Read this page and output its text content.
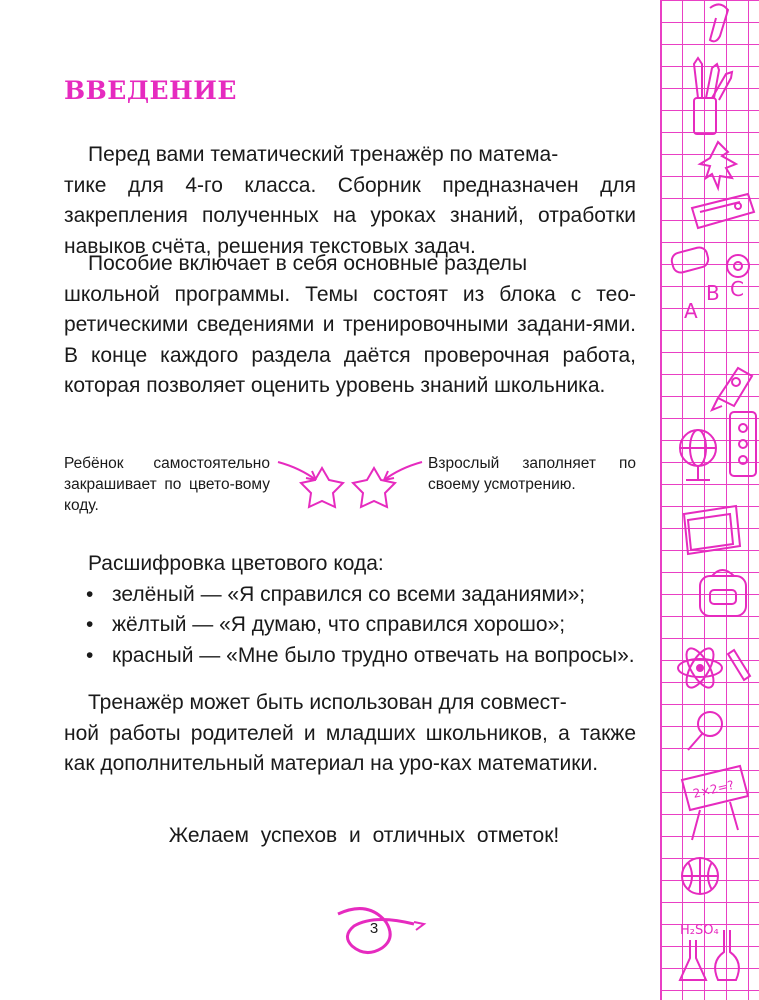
A
B C
2×2=?
H₂SO₄
ВВЕДЕНИЕ
Перед вами тематический тренажёр по матема-
тике для 4-го класса. Сборник предназначен для закрепления полученных на уроках знаний, отработки навыков счёта, решения текстовых задач.
Пособие включает в себя основные разделы
школьной программы. Темы состоят из блока с тео-ретическими сведениями и тренировочными задани-ями. В конце каждого раздела даётся проверочная работа, которая позволяет оценить уровень знаний школьника.
Ребёнок самостоятельно закрашивает по цвето-вому коду.
Взрослый заполняет по своему усмотрению.
Расшифровка цветового кода:
• зелёный — «Я справился со всеми заданиями»;
• жёлтый — «Я думаю, что справился хорошо»;
• красный — «Мне было трудно отвечать на вопросы».
Тренажёр может быть использован для совмест-
ной работы родителей и младших школьников, а также как дополнительный материал на уро-ках математики.
Желаем успехов и отличных отметок!
3
